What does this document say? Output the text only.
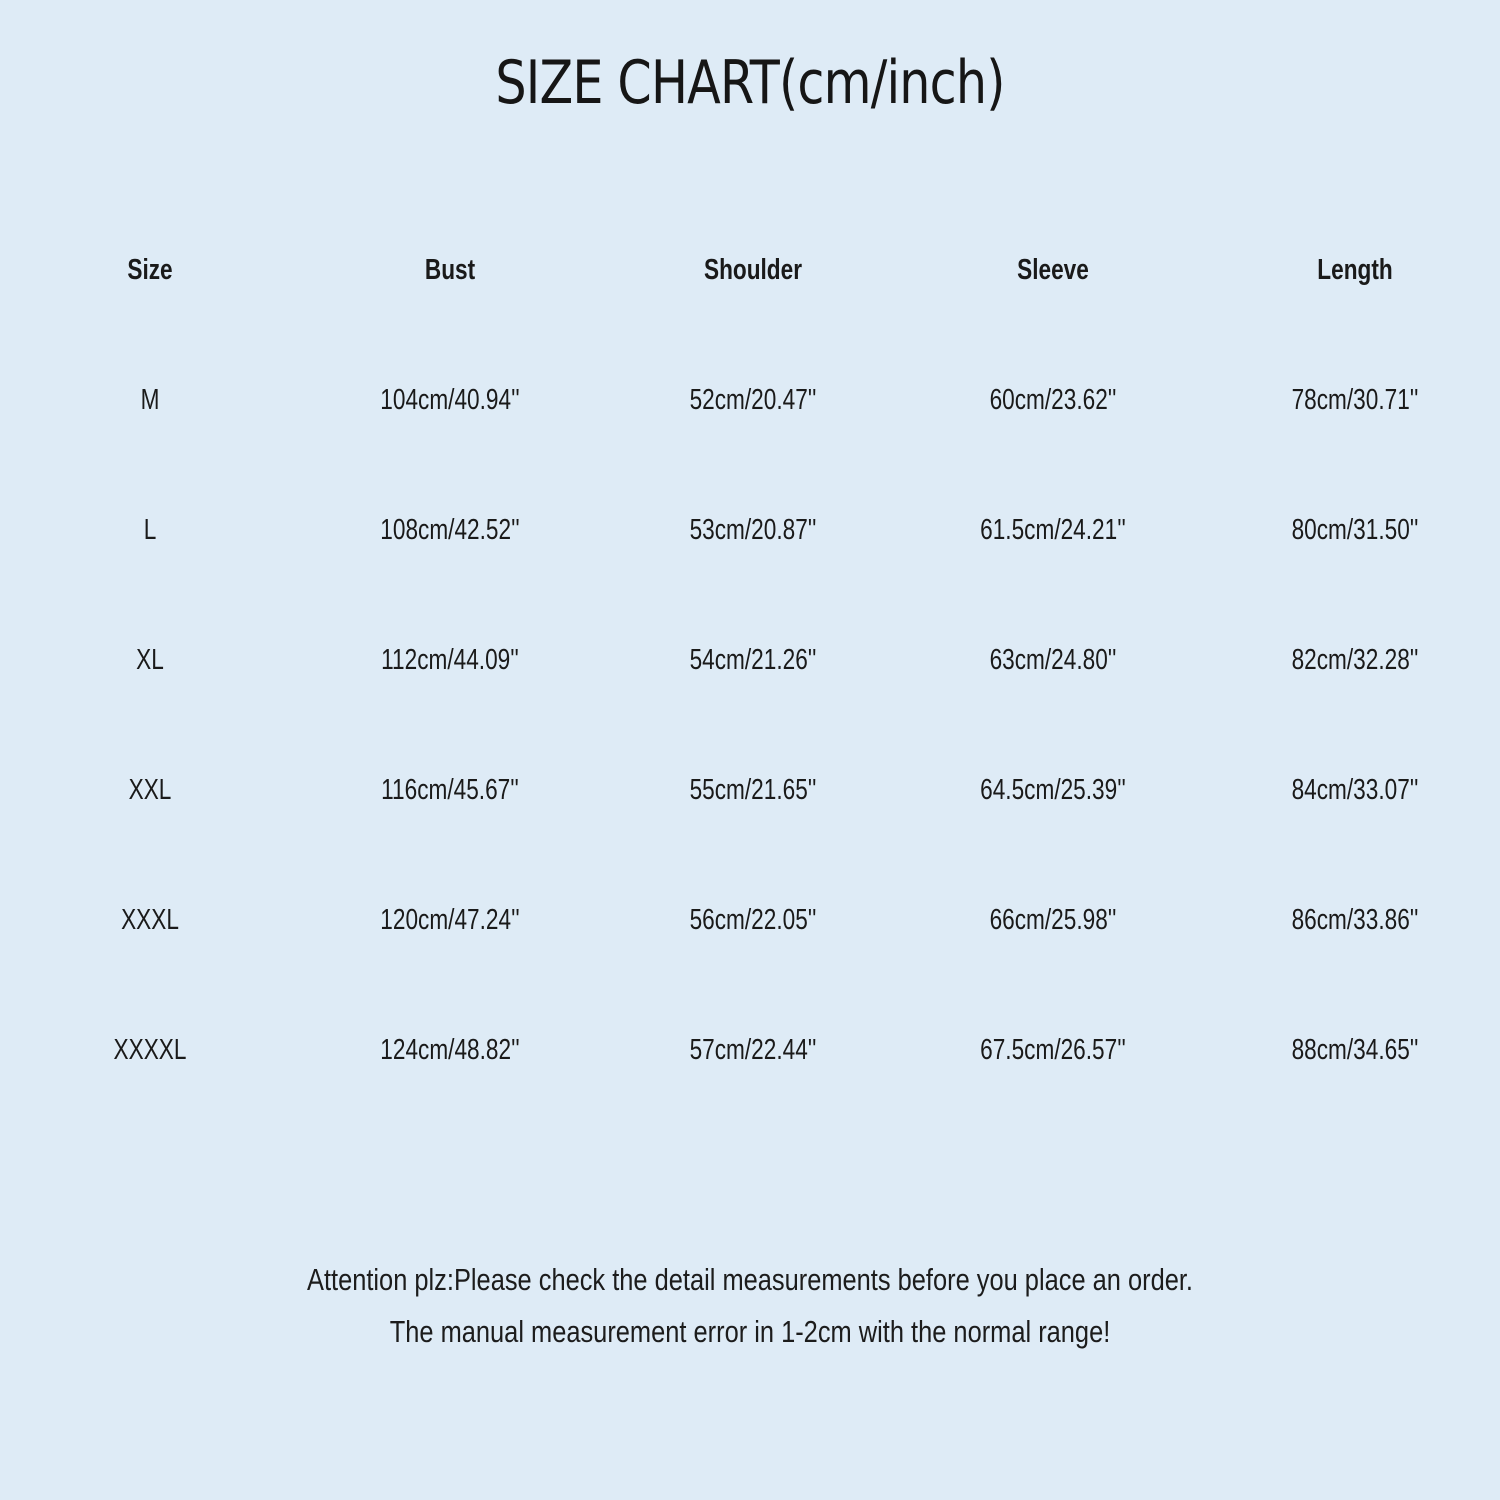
SIZE CHART(cm/inch)
Size	Bust	Shoulder	Sleeve	Length
M	104cm/40.94''	52cm/20.47''	60cm/23.62''	78cm/30.71''
L	108cm/42.52''	53cm/20.87''	61.5cm/24.21''	80cm/31.50''
XL	112cm/44.09''	54cm/21.26''	63cm/24.80''	82cm/32.28''
XXL	116cm/45.67''	55cm/21.65''	64.5cm/25.39''	84cm/33.07''
XXXL	120cm/47.24''	56cm/22.05''	66cm/25.98''	86cm/33.86''
XXXXL	124cm/48.82''	57cm/22.44''	67.5cm/26.57''	88cm/34.65''
Attention plz:Please check the detail measurements before you place an order.
The manual measurement error in 1-2cm with the normal range!
